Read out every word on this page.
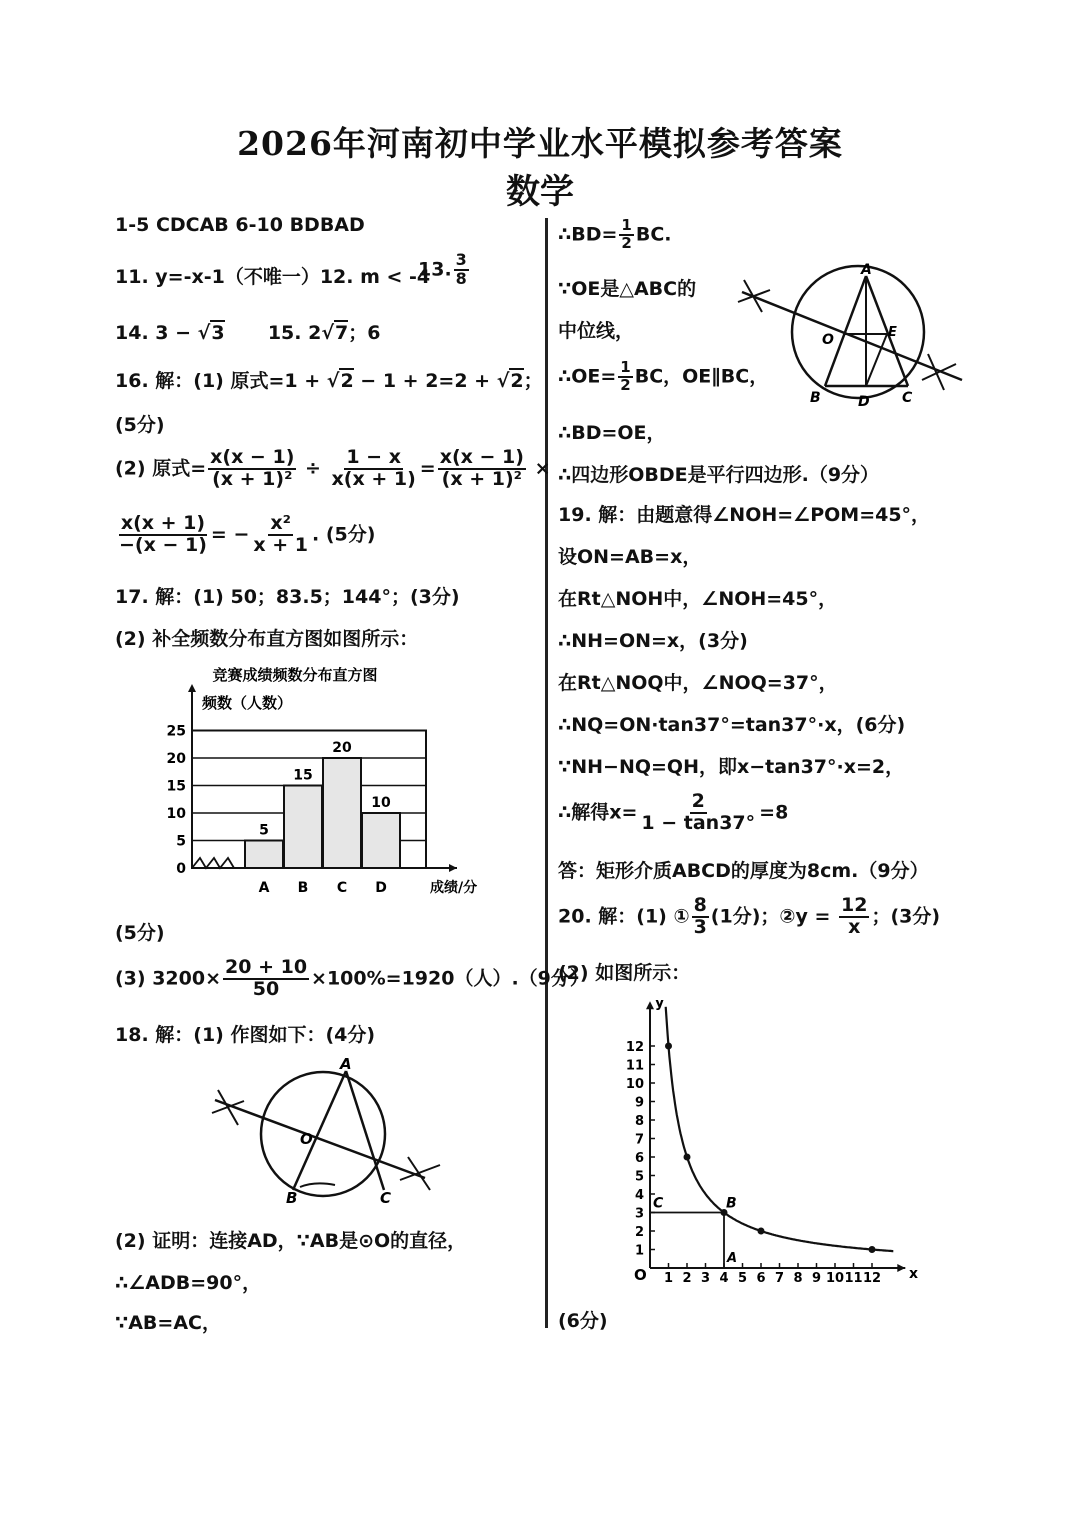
2026年河南初中学业水平模拟参考答案
数学
1-5 CDCAB 6-10 BDBAD
11. y=-x-1（不唯一）12. m < -4
13. $\frac{3}{8}$
14. 3 − √3 15. 2√7；6
16. 解：(1) 原式=1 + √2 − 1 + 2=2 + √2；
(5分)
(2) 原式= $\frac{x(x - 1)}{\text{(x + 1)²}} \div \frac{1 - x}{x(x + 1)} = \frac{x(x - 1)}{\text{(x + 1)²}}$ ×
$\frac{x(x + 1)}{-(x - 1)}$ = − $\frac{\text{x²}}{x + 1}$ . (5分)
17. 解：(1) 50；83.5；144°；(3分)
(2) 补全频数分布直方图如图所示：
竞赛成绩频数分布直方图
频数（人数）
成绩/分
0
5
10
15
20
25
5
A
15
B
20
C
10
D
(5分)
(3) $3200\times \frac{20 + 10}{50} \times 100\%=1920$（人）.（9分）
18. 解：(1) 作图如下：(4分)
A
O
B	C
(2) 证明：连接AD，∵AB是⊙O的直径，
∴∠ADB=90°，
∵AB=AC，
∴BD= $\frac{1}{2}$ BC.
∵OE是△ABC的
中位线，
∴OE= $\frac{1}{2}$ BC，OE∥BC，
∴BD=OE，
∴四边形OBDE是平行四边形.（9分）
A
O	E
B	D C
19. 解：由题意得∠NOH=∠POM=45°，
设ON=AB=x，
在Rt△NOH中，∠NOH=45°，
∴NH=ON=x，(3分)
在Rt△NOQ中，∠NOQ=37°，
∴NQ=ON·tan37°=tan37°·x，(6分)
∵NH−NQ=QH，即x−tan37°·x=2，
∴解得$x= \frac{2}{1 - \tan 37^\circ} =8$
答：矩形介质ABCD的厚度为8cm.（9分）
20. 解：(1) ① $\frac{8}{3} (1$分)；②y = $\frac{12}{x}$ ；(3分)
(2) 如图所示：
x
y
O 1 2 3 4 5 6 7 8 9 10 11 12
1
2
3
4
5
6
7
8
9
10
11
12
C	B
A
(6分)
